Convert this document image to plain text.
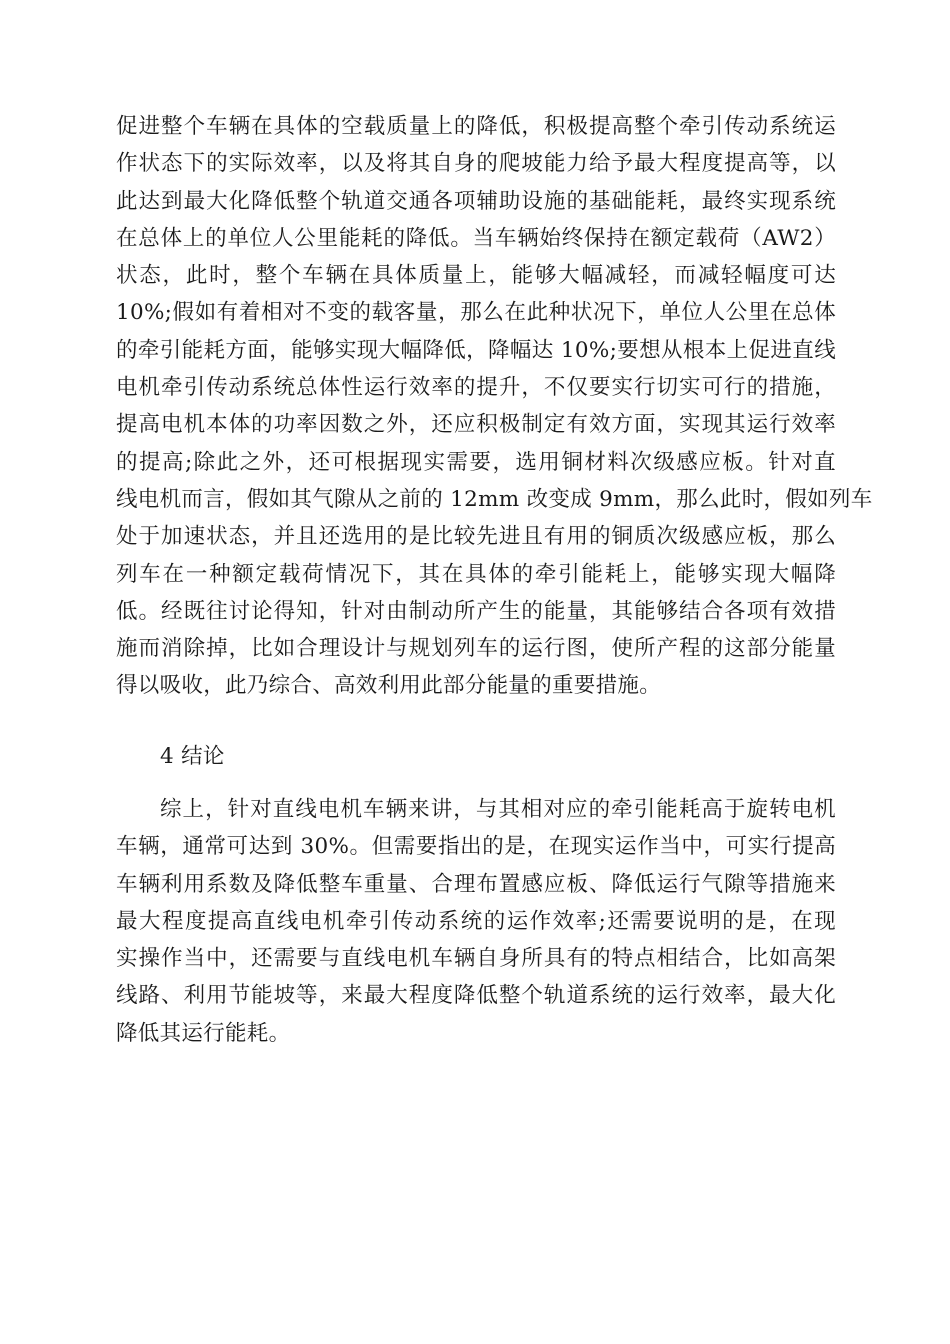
促进整个车辆在具体的空载质量上的降低，积极提高整个牵引传动系统运
作状态下的实际效率，以及将其自身的爬坡能力给予最大程度提高等，以
此达到最大化降低整个轨道交通各项辅助设施的基础能耗，最终实现系统
在总体上的单位人公里能耗的降低。当车辆始终保持在额定载荷（AW2）
状态，此时，整个车辆在具体质量上，能够大幅减轻，而减轻幅度可达
10%;假如有着相对不变的载客量，那么在此种状况下，单位人公里在总体
的牵引能耗方面，能够实现大幅降低，降幅达 10%;要想从根本上促进直线
电机牵引传动系统总体性运行效率的提升，不仅要实行切实可行的措施，
提高电机本体的功率因数之外，还应积极制定有效方面，实现其运行效率
的提高;除此之外，还可根据现实需要，选用铜材料次级感应板。针对直
线电机而言，假如其气隙从之前的 12mm 改变成 9mm，那么此时，假如列车
处于加速状态，并且还选用的是比较先进且有用的铜质次级感应板，那么
列车在一种额定载荷情况下，其在具体的牵引能耗上，能够实现大幅降
低。经既往讨论得知，针对由制动所产生的能量，其能够结合各项有效措
施而消除掉，比如合理设计与规划列车的运行图，使所产程的这部分能量
得以吸收，此乃综合、高效利用此部分能量的重要措施。
4 结论
综上，针对直线电机车辆来讲，与其相对应的牵引能耗高于旋转电机
车辆，通常可达到 30%。但需要指出的是，在现实运作当中，可实行提高
车辆利用系数及降低整车重量、合理布置感应板、降低运行气隙等措施来
最大程度提高直线电机牵引传动系统的运作效率;还需要说明的是，在现
实操作当中，还需要与直线电机车辆自身所具有的特点相结合，比如高架
线路、利用节能坡等，来最大程度降低整个轨道系统的运行效率，最大化
降低其运行能耗。
